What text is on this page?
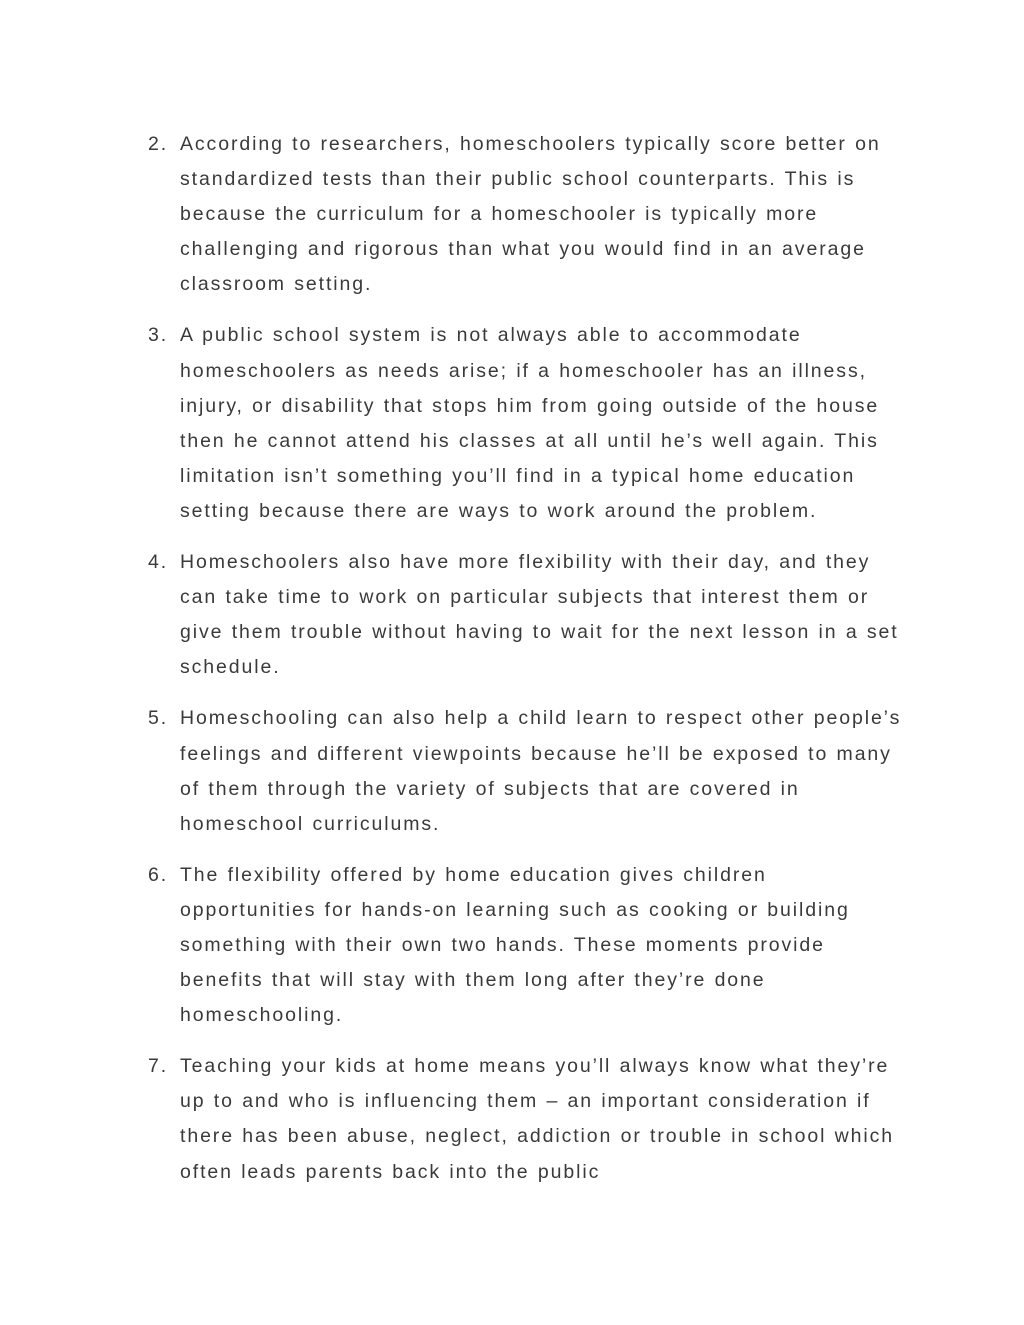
2. According to researchers, homeschoolers typically score better on standardized tests than their public school counterparts. This is because the curriculum for a homeschooler is typically more challenging and rigorous than what you would find in an average classroom setting.
3. A public school system is not always able to accommodate homeschoolers as needs arise; if a homeschooler has an illness, injury, or disability that stops him from going outside of the house then he cannot attend his classes at all until he’s well again. This limitation isn’t something you’ll find in a typical home education setting because there are ways to work around the problem.
4. Homeschoolers also have more flexibility with their day, and they can take time to work on particular subjects that interest them or give them trouble without having to wait for the next lesson in a set schedule.
5. Homeschooling can also help a child learn to respect other people’s feelings and different viewpoints because he’ll be exposed to many of them through the variety of subjects that are covered in homeschool curriculums.
6. The flexibility offered by home education gives children opportunities for hands-on learning such as cooking or building something with their own two hands. These moments provide benefits that will stay with them long after they’re done homeschooling.
7. Teaching your kids at home means you’ll always know what they’re up to and who is influencing them – an important consideration if there has been abuse, neglect, addiction or trouble in school which often leads parents back into the public
